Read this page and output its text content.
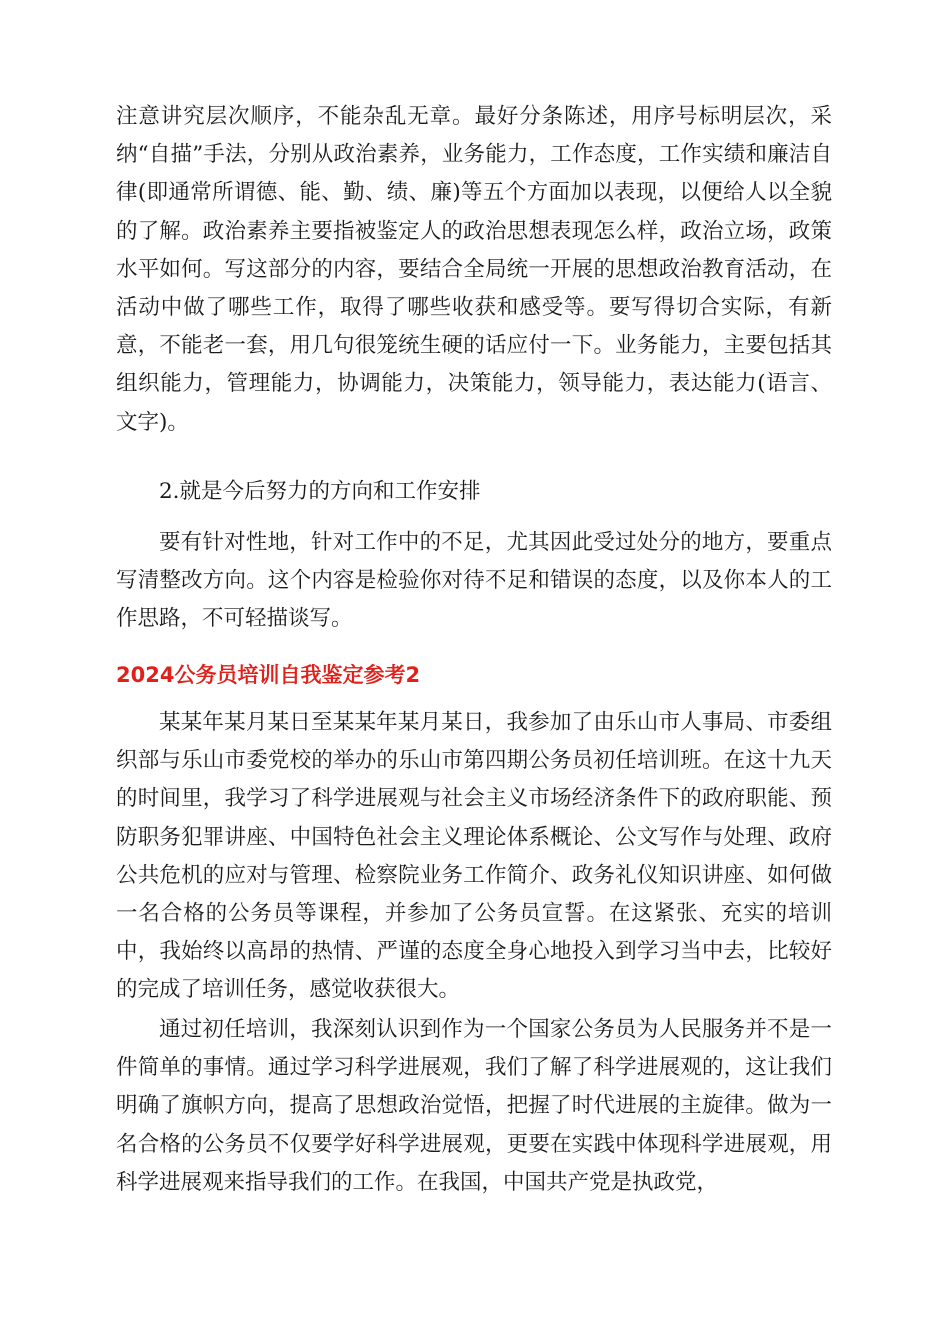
注意讲究层次顺序，不能杂乱无章。最好分条陈述，用序号标明层次，采纳“自描”手法，分别从政治素养，业务能力，工作态度，工作实绩和廉洁自律(即通常所谓德、能、勤、绩、廉)等五个方面加以表现，以便给人以全貌的了解。政治素养主要指被鉴定人的政治思想表现怎么样，政治立场，政策水平如何。写这部分的内容，要结合全局统一开展的思想政治教育活动，在活动中做了哪些工作，取得了哪些收获和感受等。要写得切合实际，有新意，不能老一套，用几句很笼统生硬的话应付一下。业务能力，主要包括其组织能力，管理能力，协调能力，决策能力，领导能力，表达能力(语言、文字)。

2.就是今后努力的方向和工作安排

要有针对性地，针对工作中的不足，尤其因此受过处分的地方，要重点写清整改方向。这个内容是检验你对待不足和错误的态度，以及你本人的工作思路，不可轻描谈写。

2024公务员培训自我鉴定参考2

某某年某月某日至某某年某月某日，我参加了由乐山市人事局、市委组织部与乐山市委党校的举办的乐山市第四期公务员初任培训班。在这十九天的时间里，我学习了科学进展观与社会主义市场经济条件下的政府职能、预防职务犯罪讲座、中国特色社会主义理论体系概论、公文写作与处理、政府公共危机的应对与管理、检察院业务工作简介、政务礼仪知识讲座、如何做一名合格的公务员等课程，并参加了公务员宣誓。在这紧张、充实的培训中，我始终以高昂的热情、严谨的态度全身心地投入到学习当中去，比较好的完成了培训任务，感觉收获很大。

通过初任培训，我深刻认识到作为一个国家公务员为人民服务并不是一件简单的事情。通过学习科学进展观，我们了解了科学进展观的，这让我们明确了旗帜方向，提高了思想政治觉悟，把握了时代进展的主旋律。做为一名合格的公务员不仅要学好科学进展观，更要在实践中体现科学进展观，用科学进展观来指导我们的工作。在我国，中国共产党是执政党，
